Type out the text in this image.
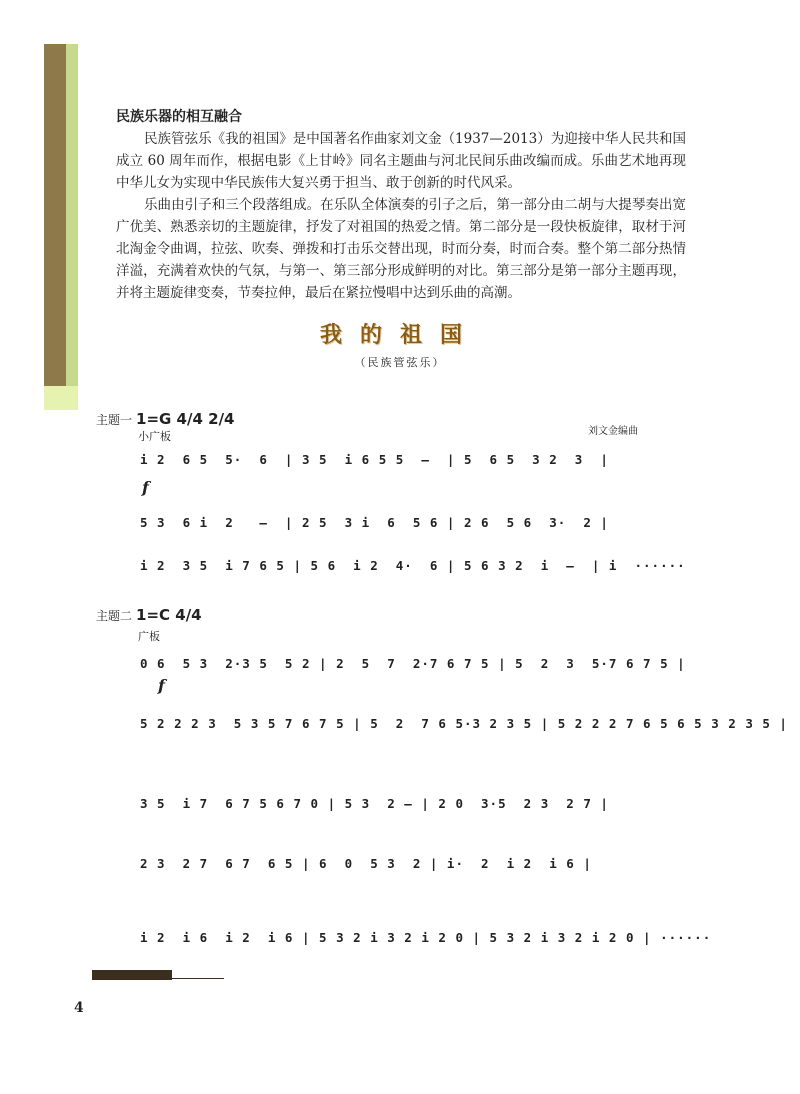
民族乐器的相互融合
民族管弦乐《我的祖国》是中国著名作曲家刘文金（1937—2013）为迎接中华人民共和国成立 60 周年而作，根据电影《上甘岭》同名主题曲与河北民间乐曲改编而成。乐曲艺术地再现中华儿女为实现中华民族伟大复兴勇于担当、敢于创新的时代风采。
乐曲由引子和三个段落组成。在乐队全体演奏的引子之后，第一部分由二胡与大提琴奏出宽广优美、熟悉亲切的主题旋律，抒发了对祖国的热爱之情。第二部分是一段快板旋律，取材于河北淘金令曲调，拉弦、吹奏、弹拨和打击乐交替出现，时而分奏，时而合奏。整个第二部分热情洋溢，充满着欢快的气氛，与第一、第三部分形成鲜明的对比。第三部分是第一部分主题再现，并将主题旋律变奏，节奏拉伸，最后在紧拉慢唱中达到乐曲的高潮。
我的祖国
（民族管弦乐）
主题一 1=G 4/4 2/4
小广板	刘文金编曲
i 2  6 5  5·  6  | 3 5  i 6 5 5  –  | 5  6 5  3 2  3  |
f
5 3  6 i  2   –  | 2 5  3 i  6  5 6 | 2 6  5 6  3·  2 |
i 2  3 5  i 7 6 5 | 5 6  i 2  4·  6 | 5 6 3 2  i  –  | i  ······
主题二 1=C 4/4
广板
0 6  5 3  2·3 5  5 2 | 2  5  7  2·7 6 7 5 | 5  2  3  5·7 6 7 5 |
f
5 2 2 2 3  5 3 5 7 6 7 5 | 5  2  7 6 5·3 2 3 5 | 5 2 2 2 7 6 5 6 5 3 2 3 5 |
3 5  i 7  6 7 5 6 7 0 | 5 3  2 – | 2 0  3·5  2 3  2 7 |
2 3  2 7  6 7  6 5 | 6  0  5 3  2 | i·  2  i 2  i 6 |
i 2  i 6  i 2  i 6 | 5 3 2 i 3 2 i 2 0 | 5 3 2 i 3 2 i 2 0 | ······
4
